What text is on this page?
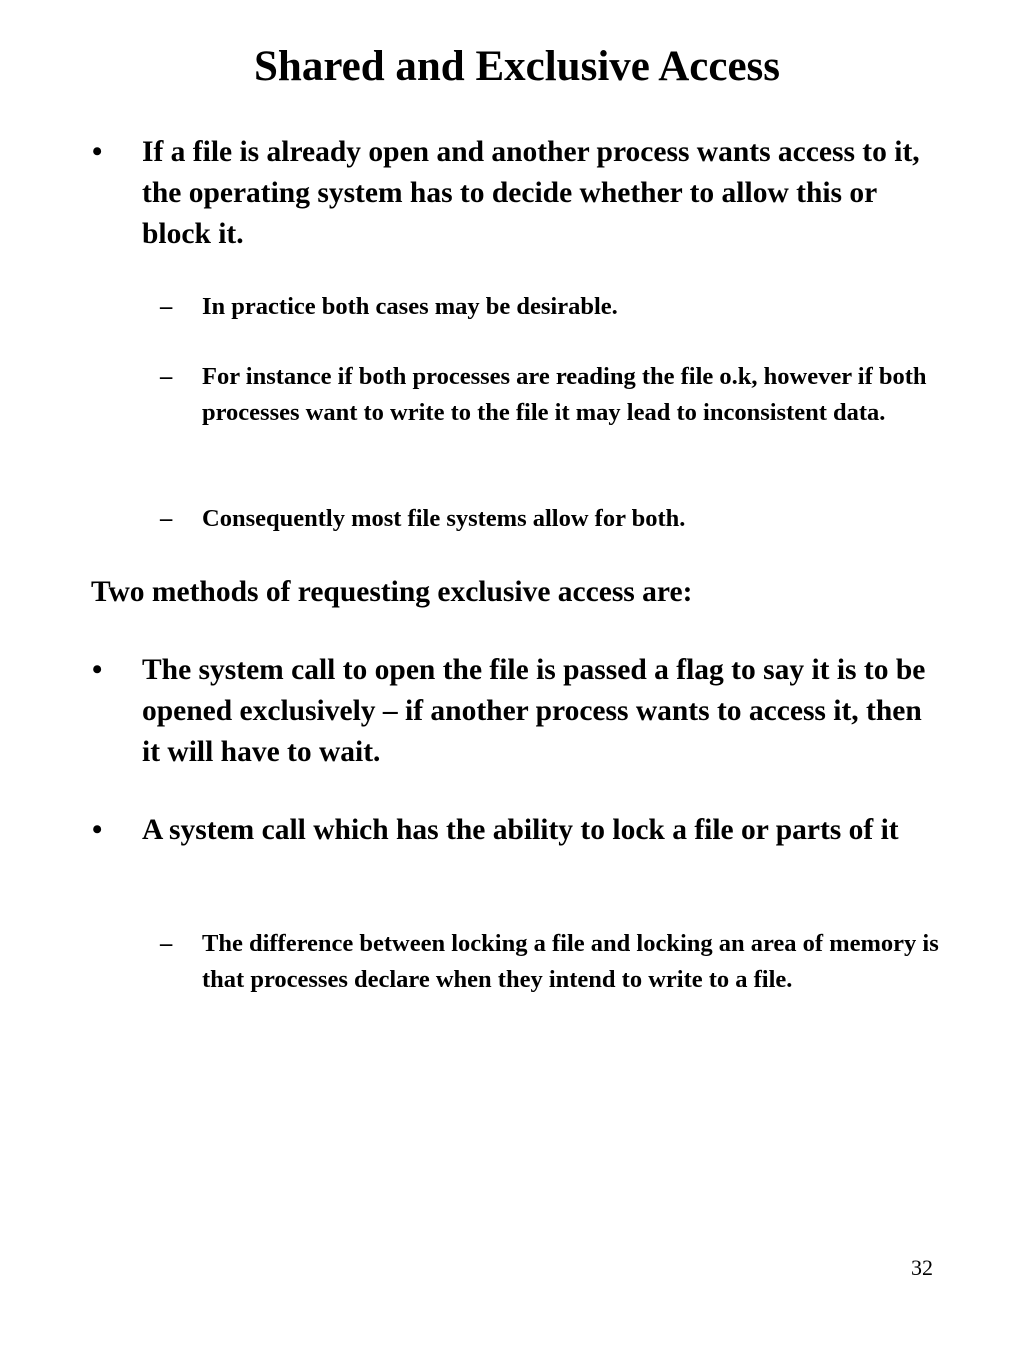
Shared and Exclusive Access
• If a file is already open and another process wants access to it, the operating system has to decide whether to allow this or block it.

– In practice both cases may be desirable.

– For instance if both processes are reading the file o.k, however if both processes want to write to the file it may lead to inconsistent data.

– Consequently most file systems allow for both.

Two methods of requesting exclusive access are:

• The system call to open the file is passed a flag to say it is to be opened exclusively – if another process wants to access it, then it will have to wait.

• A system call which has the ability to lock a file or parts of it

– The difference between locking a file and locking an area of memory is that processes declare when they intend to write to a file.

32
